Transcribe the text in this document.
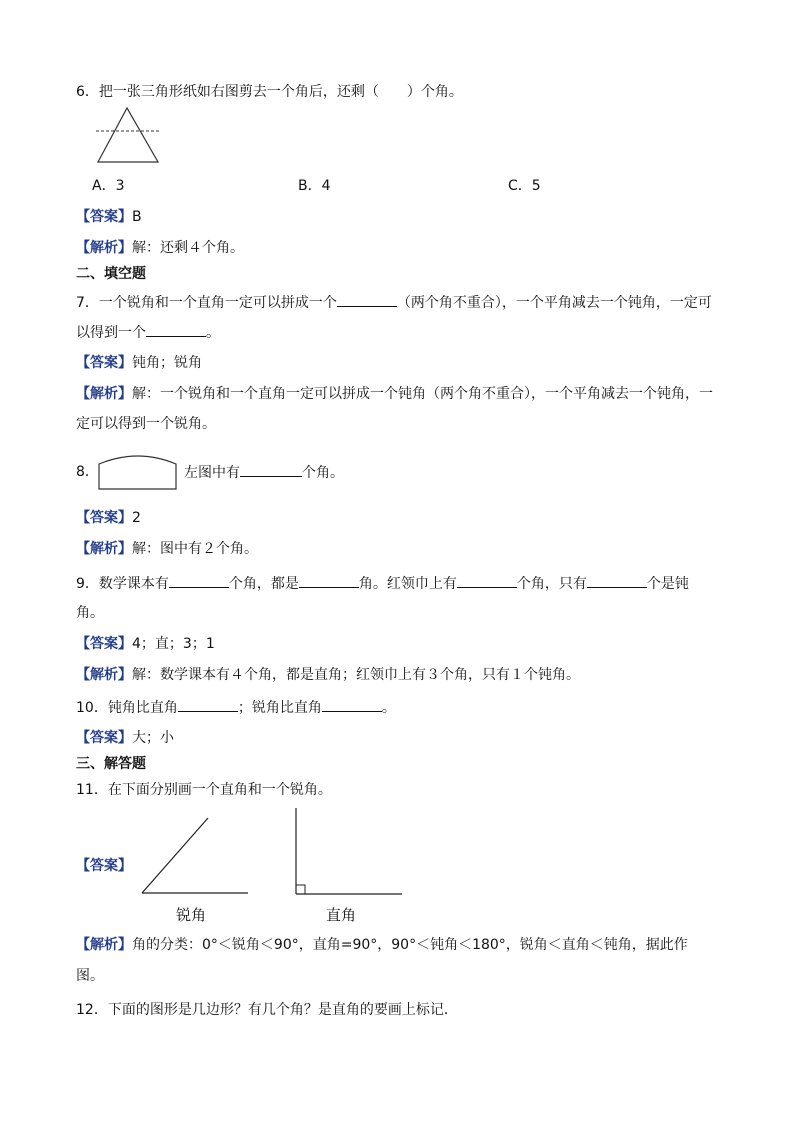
6．把一张三角形纸如右图剪去一个角后，还剩（　　）个角。
A．3	B．4	C．5
【答案】B
【解析】解：还剩４个角。
二、填空题
7．一个锐角和一个直角一定可以拼成一个	（两个角不重合），一个平角减去一个钝角，一定可
以得到一个	。
【答案】钝角；锐角
【解析】解：一个锐角和一个直角一定可以拼成一个钝角（两个角不重合），一个平角减去一个钝角，一
定可以得到一个锐角。
8．	左图中有	个角。
【答案】2
【解析】解：图中有２个角。
9．数学课本有	个角，都是	角。红领巾上有	个角，只有	个是钝
角。
【答案】4；直；3；1
【解析】解：数学课本有４个角，都是直角；红领巾上有３个角，只有１个钝角。
10．钝角比直角	；锐角比直角	。
【答案】大；小
三、解答题
11．在下面分别画一个直角和一个锐角。
【答案】
锐角	直角
【解析】角的分类：0°＜锐角＜90°，直角=90°，90°＜钝角＜180°，锐角＜直角＜钝角，据此作
图。
12．下面的图形是几边形？有几个角？是直角的要画上标记．
